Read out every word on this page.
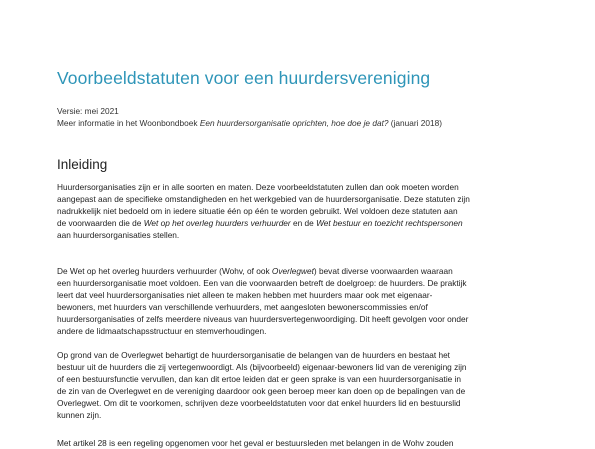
Voorbeeldstatuten voor een huurdersvereniging
Versie: mei 2021
Meer informatie in het Woonbondboek Een huurdersorganisatie oprichten, hoe doe je dat? (januari 2018)
Inleiding
Huurdersorganisaties zijn er in alle soorten en maten. Deze voorbeeldstatuten zullen dan ook moeten worden
aangepast aan de specifieke omstandigheden en het werkgebied van de huurdersorganisatie. Deze statuten zijn
nadrukkelijk niet bedoeld om in iedere situatie één op één te worden gebruikt. Wel voldoen deze statuten aan
de voorwaarden die de Wet op het overleg huurders verhuurder en de Wet bestuur en toezicht rechtspersonen
aan huurdersorganisaties stellen.
De Wet op het overleg huurders verhuurder (Wohv, of ook Overlegwet) bevat diverse voorwaarden waaraan
een huurdersorganisatie moet voldoen. Een van die voorwaarden betreft de doelgroep: de huurders. De praktijk
leert dat veel huurdersorganisaties niet alleen te maken hebben met huurders maar ook met eigenaar-
bewoners, met huurders van verschillende verhuurders, met aangesloten bewonerscommissies en/of
huurdersorganisaties of zelfs meerdere niveaus van huurdersvertegenwoordiging. Dit heeft gevolgen voor onder
andere de lidmaatschapsstructuur en stemverhoudingen.
Op grond van de Overlegwet behartigt de huurdersorganisatie de belangen van de huurders en bestaat het
bestuur uit de huurders die zij vertegenwoordigt. Als (bijvoorbeeld) eigenaar-bewoners lid van de vereniging zijn
of een bestuursfunctie vervullen, dan kan dit ertoe leiden dat er geen sprake is van een huurdersorganisatie in
de zin van de Overlegwet en de vereniging daardoor ook geen beroep meer kan doen op de bepalingen van de
Overlegwet. Om dit te voorkomen, schrijven deze voorbeeldstatuten voor dat enkel huurders lid en bestuurslid
kunnen zijn.
Met artikel 28 is een regeling opgenomen voor het geval er bestuursleden met belangen in de Wohv zouden
